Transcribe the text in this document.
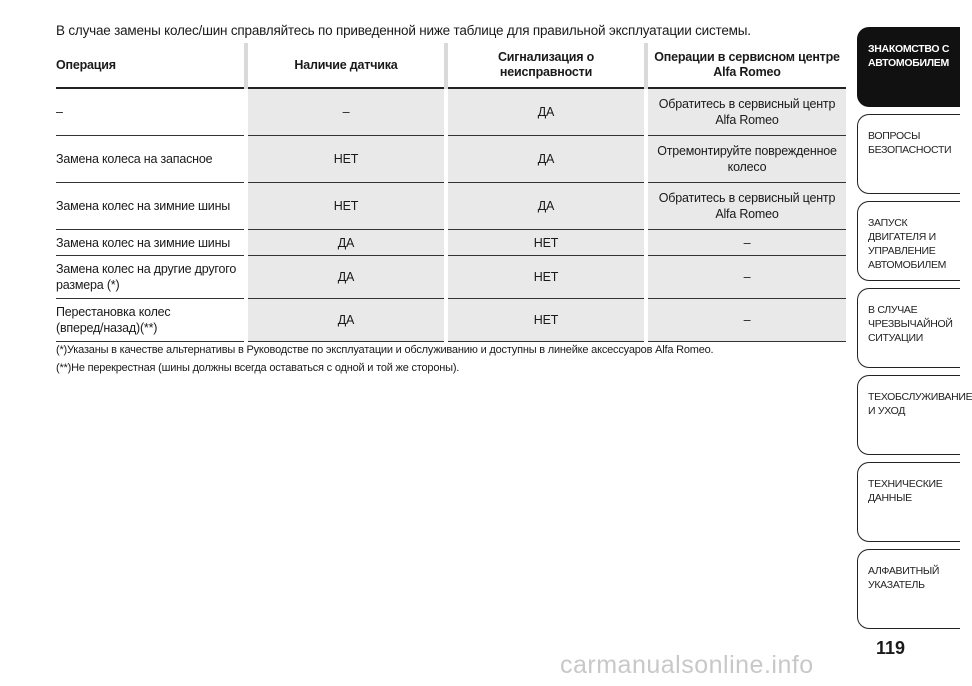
В случае замены колес/шин справляйтесь по приведенной ниже таблице для правильной эксплуатации системы.
Операция	Наличие датчика	Сигнализация о неисправности	Операции в сервисном центре
Alfa Romeo
–	–	ДА	Обратитесь в сервисный центр
Alfa Romeo
Замена колеса на запасное	НЕТ	ДА	Отремонтируйте поврежденное
колесо
Замена колес на зимние шины	НЕТ	ДА	Обратитесь в сервисный центр
Alfa Romeo
Замена колес на зимние шины	ДА	НЕТ	–
Замена колес на другие другого
размера (*)	ДА	НЕТ	–
Перестановка колес
(вперед/назад)(**)	ДА	НЕТ	–
(*)Указаны в качестве альтернативы в Руководстве по эксплуатации и обслуживанию и доступны в линейке аксессуаров Alfa Romeo.
(**)Не перекрестная (шины должны всегда оставаться с одной и той же стороны).
ЗНАКОМСТВО С
АВТОМОБИЛЕМ
ВОПРОСЫ
БЕЗОПАСНОСТИ
ЗАПУСК ДВИГАТЕЛЯ И
УПРАВЛЕНИЕ
АВТОМОБИЛЕМ
В СЛУЧАЕ
ЧРЕЗВЫЧАЙНОЙ
СИТУАЦИИ
ТЕХОБСЛУЖИВАНИЕ
И УХОД
ТЕХНИЧЕСКИЕ
ДАННЫЕ
АЛФАВИТНЫЙ
УКАЗАТЕЛЬ
119
carmanualsonline.info
